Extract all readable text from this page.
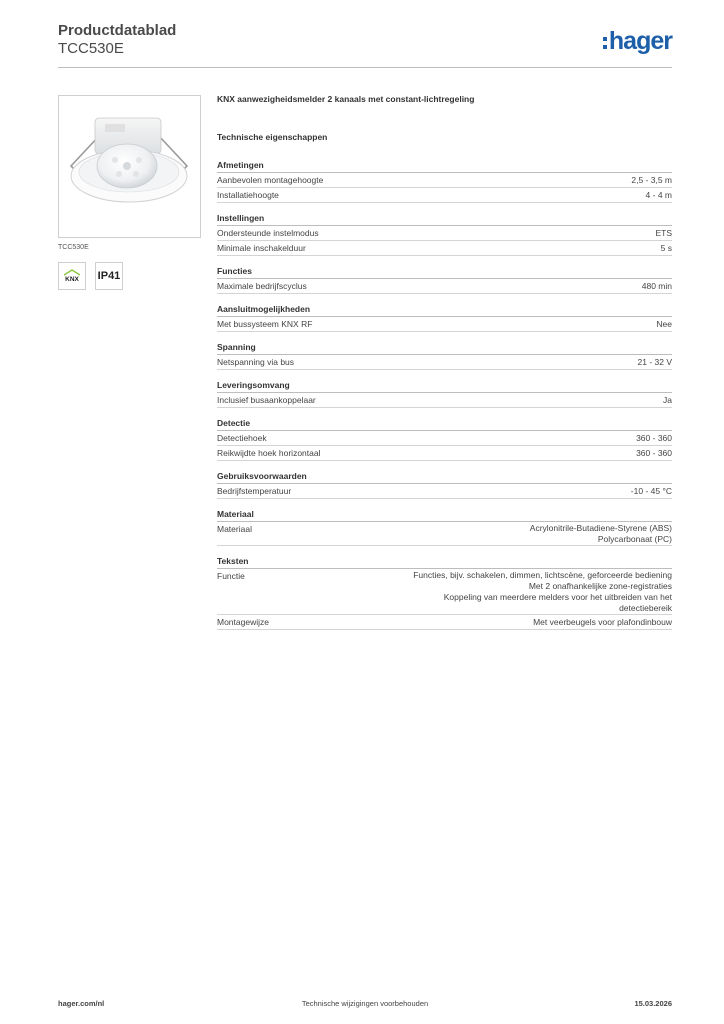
Productdatablad
TCC530E	hager
TCC530E
KNX IP41
KNX aanwezigheidsmelder 2 kanaals met constant-lichtregeling
Technische eigenschappen
Afmetingen
Aanbevolen montagehoogte	2,5 - 3,5 m
Installatiehoogte	4 - 4 m
Instellingen
Ondersteunde instelmodus	ETS
Minimale inschakelduur	5 s
Functies
Maximale bedrijfscyclus	480 min
Aansluitmogelijkheden
Met bussysteem KNX RF	Nee
Spanning
Netspanning via bus	21 - 32 V
Leveringsomvang
Inclusief busaankoppelaar	Ja
Detectie
Detectiehoek	360 - 360
Reikwijdte hoek horizontaal	360 - 360
Gebruiksvoorwaarden
Bedrijfstemperatuur	-10 - 45 °C
Materiaal
Materiaal	Acrylonitrile-Butadiene-Styrene (ABS)
Polycarbonaat (PC)
Teksten
Functie	Functies, bijv. schakelen, dimmen, lichtscène, geforceerde bediening
Met 2 onafhankelijke zone-registraties
Koppeling van meerdere melders voor het uitbreiden van het
detectiebereik
Montagewijze	Met veerbeugels voor plafondinbouw
hager.com/nl	Technische wijzigingen voorbehouden	15.03.2026
